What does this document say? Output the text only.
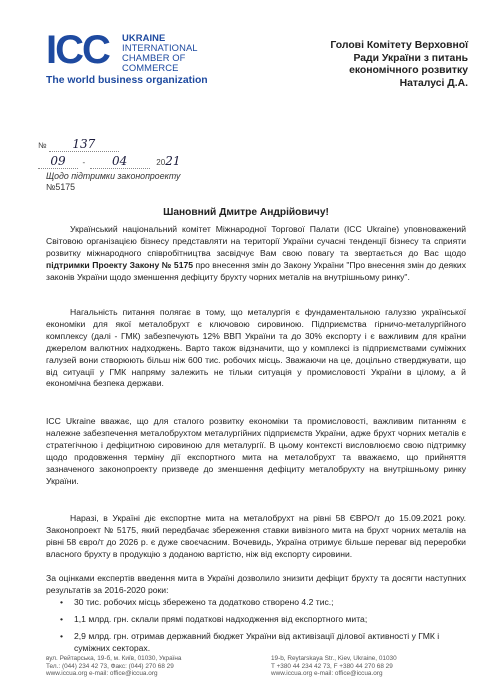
ICC	UKRAINE
INTERNATIONAL
CHAMBER OF COMMERCE
The world business organization
Голові Комітету Верховної
Ради України з питань
економічного розвитку
Наталусі Д.А.
№ 137
09  -  04	2021
Щодо підтримки законопроекту
№5175
Шановний Дмитре Андрійовичу!
Український національний комітет Міжнародної Торгової Палати (ICC Ukraine) уповноважений Світовою організацією бізнесу представляти на території України сучасні тенденції бізнесу та сприяти розвитку міжнародного співробітництва засвідчує Вам свою повагу та звертається до Вас щодо підтримки Проекту Закону № 5175 про внесення змін до Закону України "Про внесення змін до деяких законів України щодо зменшення дефіциту брухту чорних металів на внутрішньому ринку".
Нагальність питання полягає в тому, що металургія є фундаментальною галуззю української економіки для якої металобрухт є ключовою сировиною. Підприємства гірничо-металургійного комплексу (далі - ГМК) забезпечують 12% ВВП України та до 30% експорту і є важливим для країни джерелом валютних надходжень. Варто також відзначити, що у комплексі із підприємствами суміжних галузей вони створюють більш ніж 600 тис. робочих місць. Зважаючи на це, доцільно стверджувати, що від ситуації у ГМК напряму залежить не тільки ситуація у промисловості України в цілому, а й економічна безпека держави.
ICC Ukraine вважає, що для сталого розвитку економіки та промисловості, важливим питанням є належне забезпечення металобрухтом металургійних підприємств України, адже брухт чорних металів є стратегічною і дефіцитною сировиною для металургії. В цьому контексті висловлюємо свою підтримку щодо продовження терміну дії експортного мита на металобрухт та вважаємо, що прийняття зазначеного законопроекту призведе до зменшення дефіциту металобрухту на внутрішньому ринку України.
Наразі, в Україні діє експортне мита на металобрухт на рівні 58 ЄВРО/т до 15.09.2021 року. Законопроект № 5175, який передбачає збереження ставки вивізного мита на брухт чорних металів на рівні 58 євро/т до 2026 р. є дуже своєчасним. Вочевидь, Україна отримує більше переваг від переробки власного брухту в продукцію з доданою вартістю, ніж від експорту сировини.
За оцінками експертів введення мита в Україні дозволило знизити дефіцит брухту та досягти наступних результатів за 2016-2020 роки:
• 30 тис. робочих місць збережено та додатково створено 4.2 тис.;
• 1,1 млрд. грн. склали прямі податкові надходження від експортного мита;
• 2,9 млрд. грн. отримав державний бюджет України від активізації ділової активності у ГМК і суміжних секторах.
вул. Рейтарська, 19-б, м. Київ, 01030, Україна
Тел.: (044) 234 42 73, Факс: (044) 270 68 29
www.iccua.org e-mail: office@iccua.org
19-b, Reytarskaya Str., Kiev, Ukraine, 01030
T +380 44 234 42 73, F +380 44 270 68 29
www.iccua.org e-mail: office@iccua.org
